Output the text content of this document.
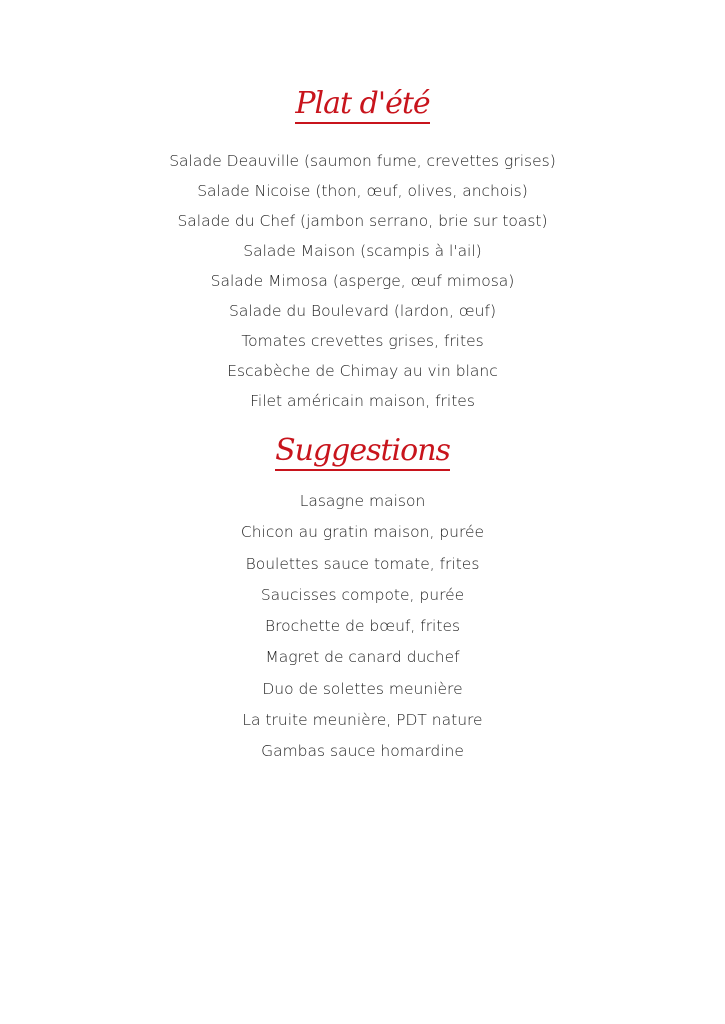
Plat d'été
Salade Deauville (saumon fume, crevettes grises)
Salade Nicoise (thon, œuf, olives, anchois)
Salade du Chef (jambon serrano, brie sur toast)
Salade Maison (scampis à l'ail)
Salade Mimosa (asperge, œuf mimosa)
Salade du Boulevard (lardon, œuf)
Tomates crevettes grises, frites
Escabèche de Chimay au vin blanc
Filet américain maison, frites
Suggestions
Lasagne maison
Chicon au gratin maison, purée
Boulettes sauce tomate, frites
Saucisses compote, purée
Brochette de bœuf, frites
Magret de canard duchef
Duo de solettes meunière
La truite meunière, PDT nature
Gambas sauce homardine
